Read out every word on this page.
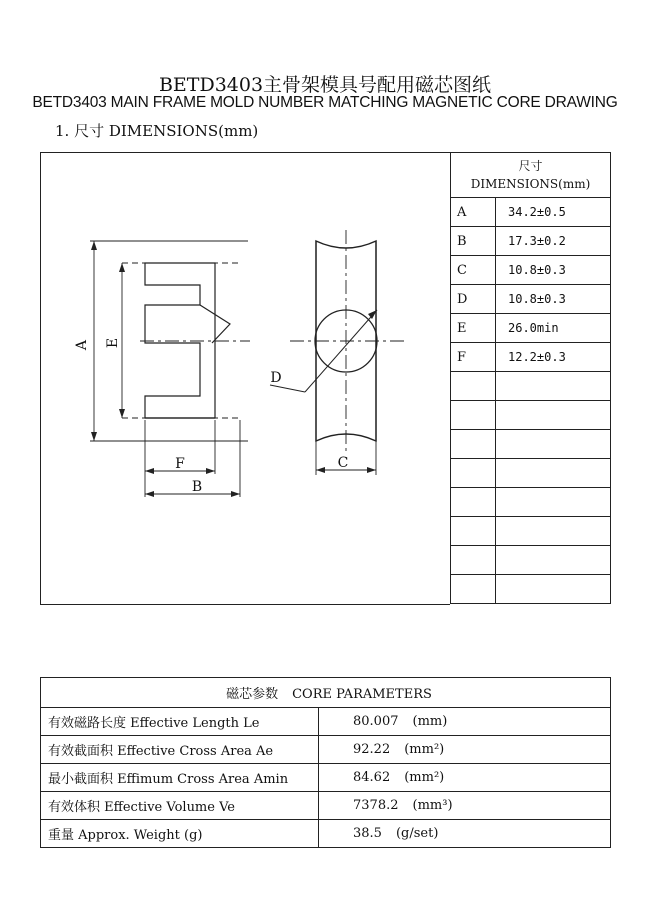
BETD3403主骨架模具号配用磁芯图纸
BETD3403 MAIN FRAME MOLD NUMBER MATCHING MAGNETIC CORE DRAWING
1. 尺寸 DIMENSIONS(mm)
A E
F
B
D
C
尺寸
DIMENSIONS(mm)	

A	34.2±0.5
B	17.3±0.2
C	10.8±0.3
D	10.8±0.3
E	26.0min
F	12.2±0.3

磁芯参数 CORE PARAMETERS	
有效磁路长度 Effective Length Le	80.007 (mm)
有效截面积 Effective Cross Area Ae	92.22 (mm²)
最小截面积 Effimum Cross Area Amin	84.62 (mm²)
有效体积 Effective Volume Ve	7378.2 (mm³)
重量 Approx. Weight (g)	38.5 (g/set)
